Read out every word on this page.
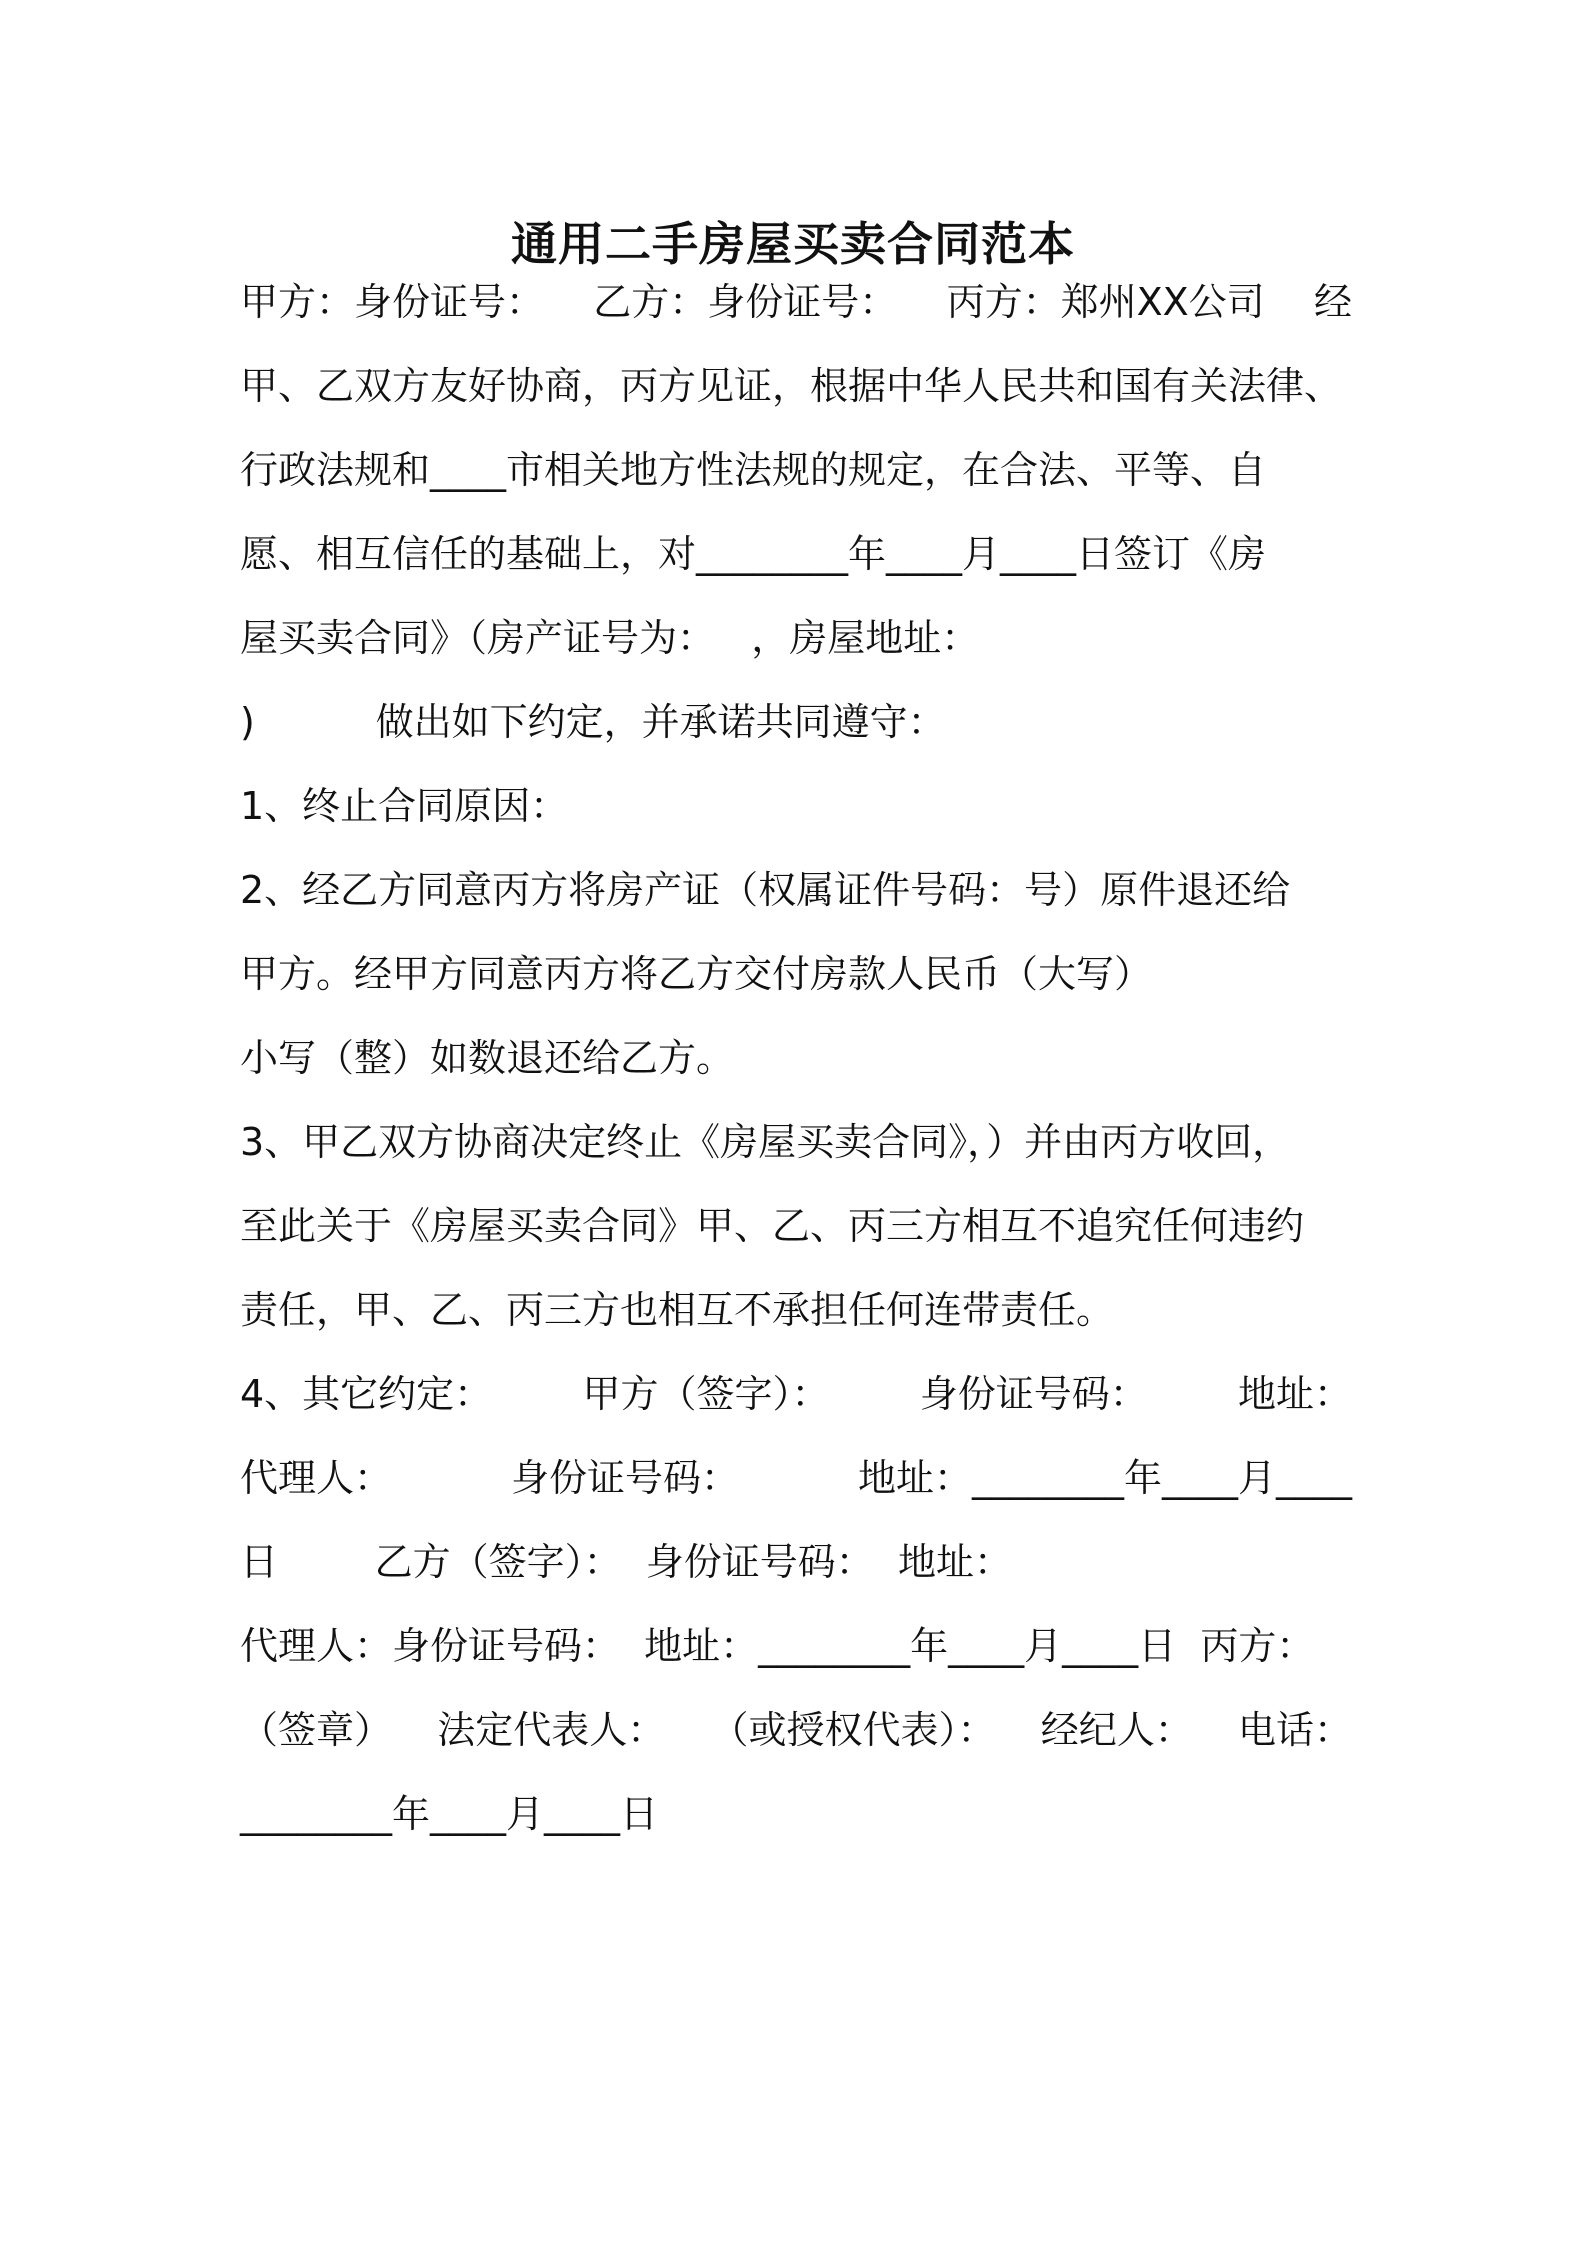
通用二手房屋买卖合同范本
甲方：身份证号： 乙方：身份证号： 丙方：郑州XX公司 经
甲、乙双方友好协商，丙方见证，根据中华人民共和国有关法律、
行政法规和____市相关地方性法规的规定，在合法、平等、自
愿、相互信任的基础上，对________年____月____日签订《房
屋买卖合同》（房产证号为：   ，房屋地址：
)          做出如下约定，并承诺共同遵守：
1、终止合同原因：
2、经乙方同意丙方将房产证（权属证件号码：号）原件退还给
甲方。经甲方同意丙方将乙方交付房款人民币（大写）
小写（整）如数退还给乙方。
3、甲乙双方协商决定终止《房屋买卖合同》，）并由丙方收回，
至此关于《房屋买卖合同》甲、乙、丙三方相互不追究任何违约
责任，甲、乙、丙三方也相互不承担任何连带责任。
4、其它约定： 甲方（签字）： 身份证号码： 地址：
代理人：	身份证号码：	地址：________年____月____
日        乙方（签字）：  身份证号码：  地址：
代理人：身份证号码：  地址：________年____月____日  丙方：
（签章） 法定代表人： （或授权代表）： 经纪人： 电话：
________年____月____日
